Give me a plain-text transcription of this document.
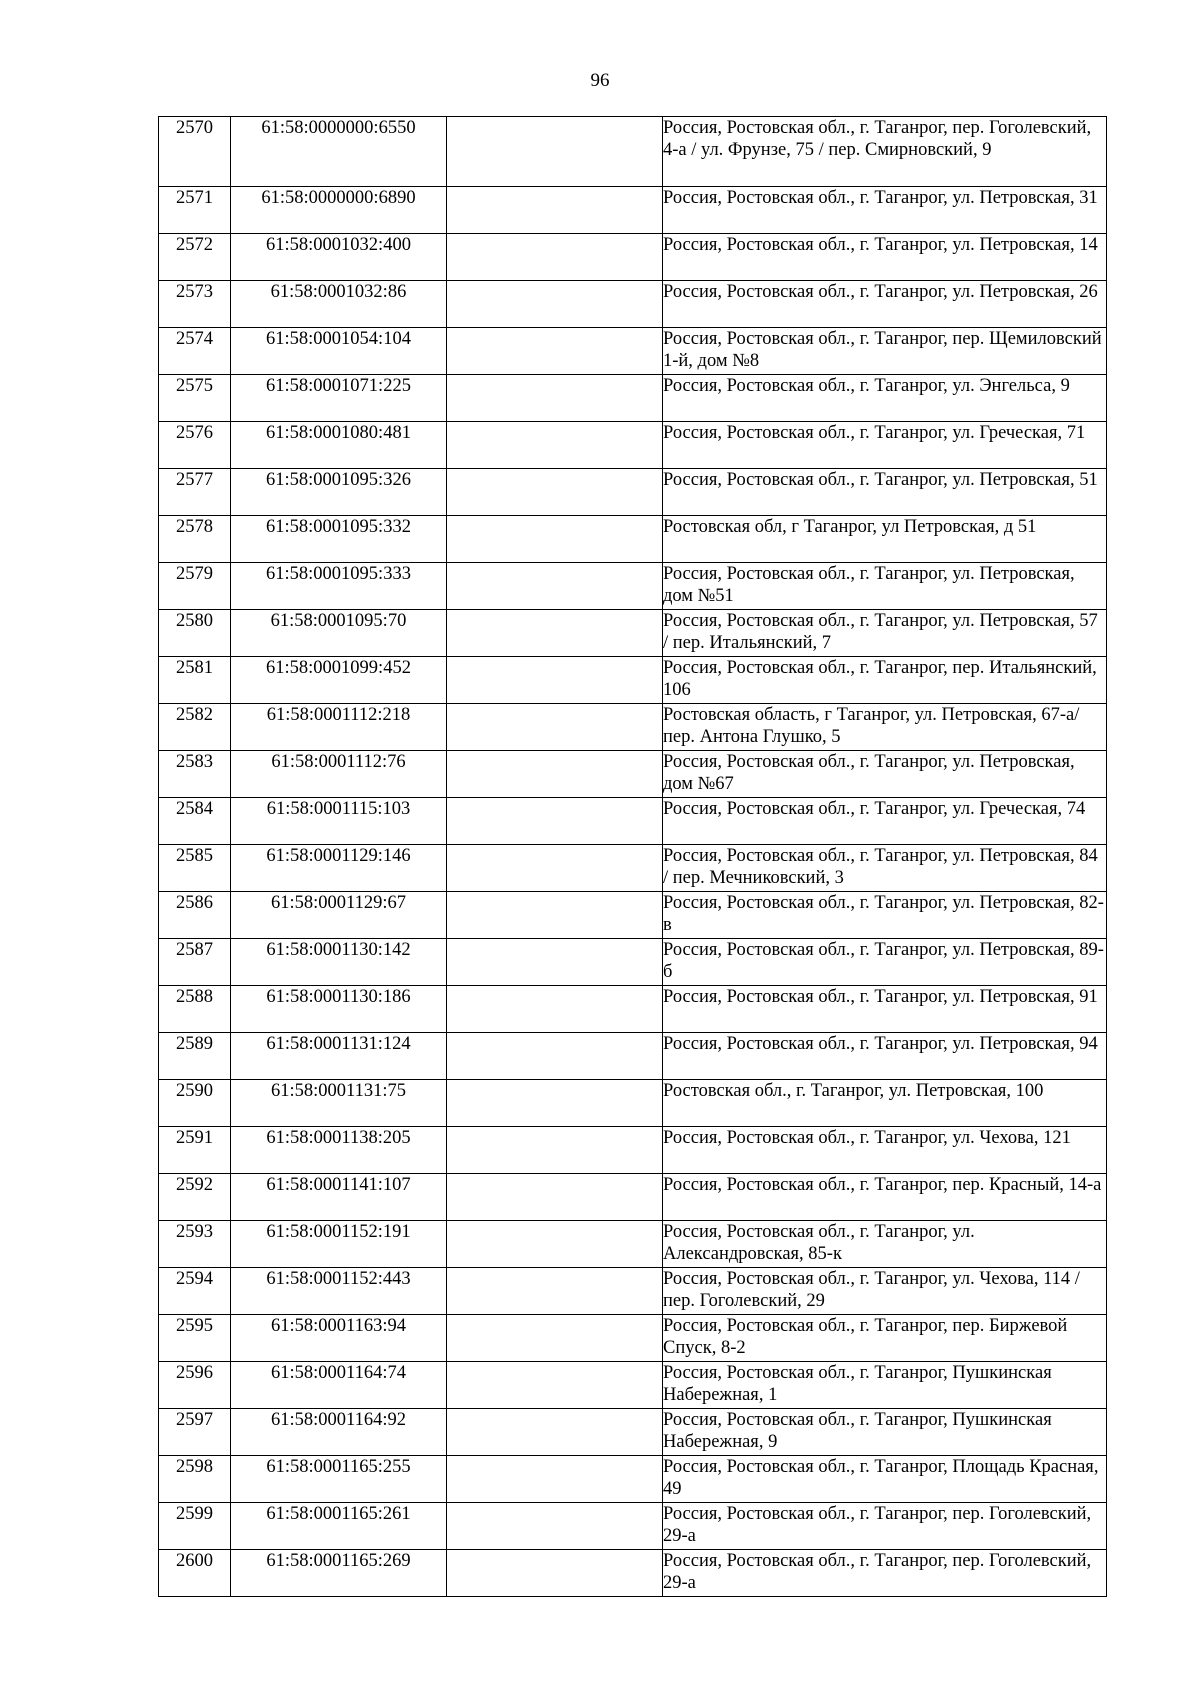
96
2570	61:58:0000000:6550		Россия, Ростовская обл., г. Таганрог, пер. Гоголевский, 4-а / ул. Фрунзе, 75 / пер. Смирновский, 9
2571	61:58:0000000:6890		Россия, Ростовская обл., г. Таганрог, ул. Петровская, 31
2572	61:58:0001032:400		Россия, Ростовская обл., г. Таганрог, ул. Петровская, 14
2573	61:58:0001032:86		Россия, Ростовская обл., г. Таганрог, ул. Петровская, 26
2574	61:58:0001054:104		Россия, Ростовская обл., г. Таганрог, пер. Щемиловский 1-й, дом №8
2575	61:58:0001071:225		Россия, Ростовская обл., г. Таганрог, ул. Энгельса, 9
2576	61:58:0001080:481		Россия, Ростовская обл., г. Таганрог, ул. Греческая, 71
2577	61:58:0001095:326		Россия, Ростовская обл., г. Таганрог, ул. Петровская, 51
2578	61:58:0001095:332		Ростовская обл, г Таганрог, ул Петровская, д 51
2579	61:58:0001095:333		Россия, Ростовская обл., г. Таганрог, ул. Петровская, дом №51
2580	61:58:0001095:70		Россия, Ростовская обл., г. Таганрог, ул. Петровская, 57 / пер. Итальянский, 7
2581	61:58:0001099:452		Россия, Ростовская обл., г. Таганрог, пер. Итальянский, 106
2582	61:58:0001112:218		Ростовская область, г Таганрог, ул. Петровская, 67-а/пер. Антона Глушко, 5
2583	61:58:0001112:76		Россия, Ростовская обл., г. Таганрог, ул. Петровская, дом №67
2584	61:58:0001115:103		Россия, Ростовская обл., г. Таганрог, ул. Греческая, 74
2585	61:58:0001129:146		Россия, Ростовская обл., г. Таганрог, ул. Петровская, 84 / пер. Мечниковский, 3
2586	61:58:0001129:67		Россия, Ростовская обл., г. Таганрог, ул. Петровская, 82-в
2587	61:58:0001130:142		Россия, Ростовская обл., г. Таганрог, ул. Петровская, 89-б
2588	61:58:0001130:186		Россия, Ростовская обл., г. Таганрог, ул. Петровская, 91
2589	61:58:0001131:124		Россия, Ростовская обл., г. Таганрог, ул. Петровская, 94
2590	61:58:0001131:75		Ростовская обл., г. Таганрог, ул. Петровская, 100
2591	61:58:0001138:205		Россия, Ростовская обл., г. Таганрог, ул. Чехова, 121
2592	61:58:0001141:107		Россия, Ростовская обл., г. Таганрог, пер. Красный, 14-а
2593	61:58:0001152:191		Россия, Ростовская обл., г. Таганрог, ул. Александровская, 85-к
2594	61:58:0001152:443		Россия, Ростовская обл., г. Таганрог, ул. Чехова, 114 / пер. Гоголевский, 29
2595	61:58:0001163:94		Россия, Ростовская обл., г. Таганрог, пер. Биржевой Спуск, 8-2
2596	61:58:0001164:74		Россия, Ростовская обл., г. Таганрог, Пушкинская Набережная, 1
2597	61:58:0001164:92		Россия, Ростовская обл., г. Таганрог, Пушкинская Набережная, 9
2598	61:58:0001165:255		Россия, Ростовская обл., г. Таганрог, Площадь Красная, 49
2599	61:58:0001165:261		Россия, Ростовская обл., г. Таганрог, пер. Гоголевский, 29-а
2600	61:58:0001165:269		Россия, Ростовская обл., г. Таганрог, пер. Гоголевский, 29-а
